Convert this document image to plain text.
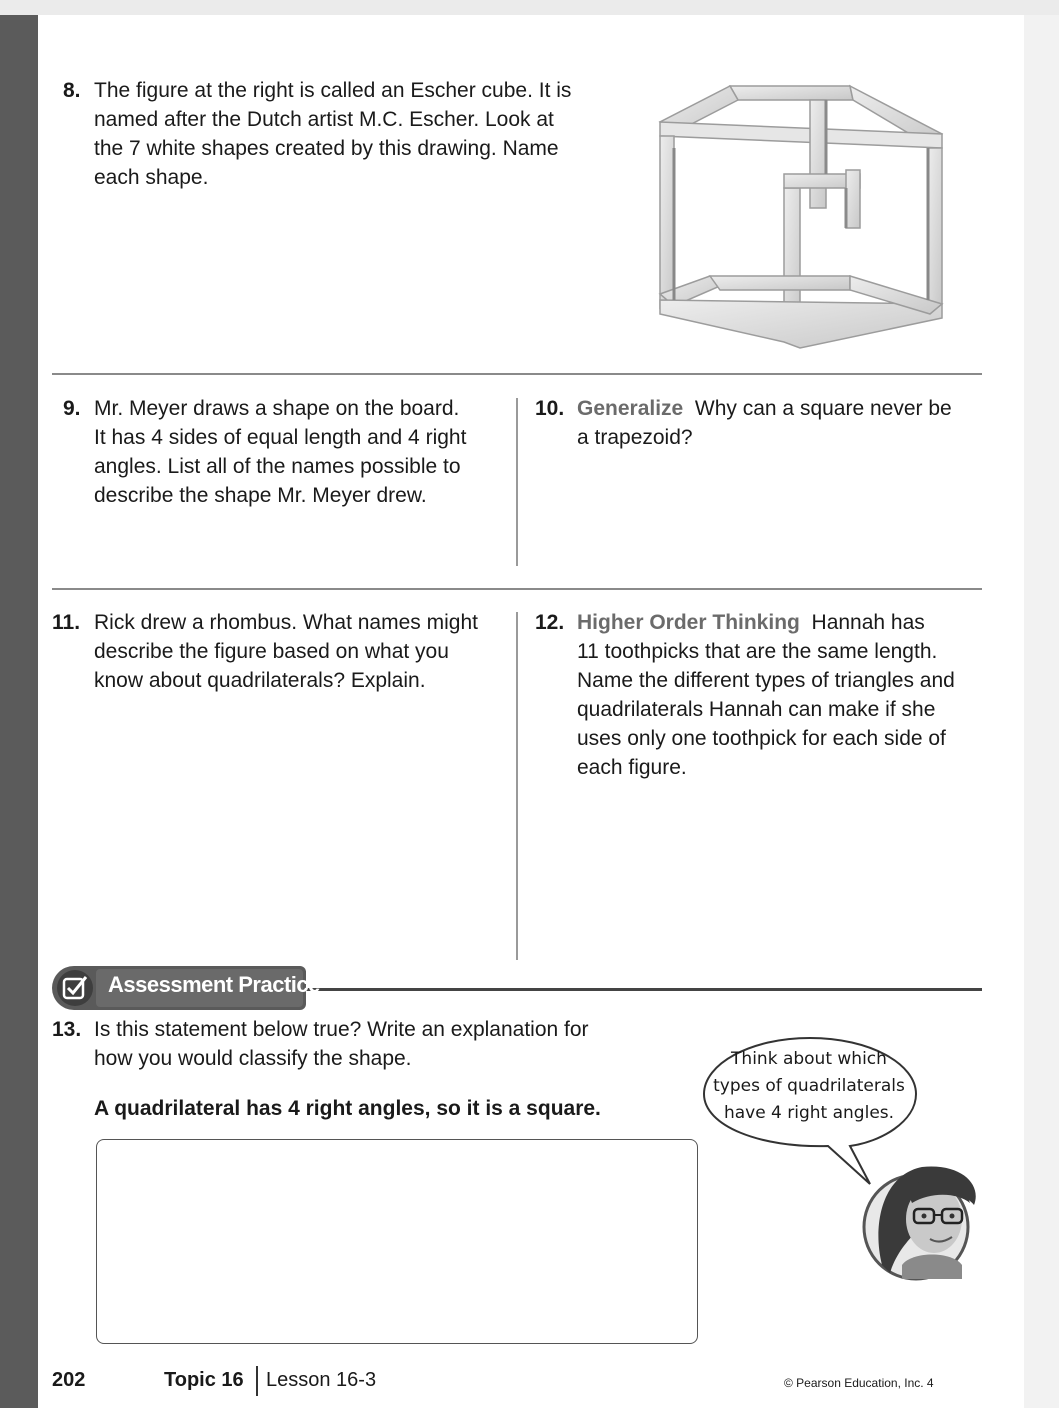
8. The figure at the right is called an Escher cube. It is
named after the Dutch artist M.C. Escher. Look at
the 7 white shapes created by this drawing. Name
each shape.
9. Mr. Meyer draws a shape on the board.
It has 4 sides of equal length and 4 right
angles. List all of the names possible to
describe the shape Mr. Meyer drew.
10. Generalize Why can a square never be
a trapezoid?
11. Rick drew a rhombus. What names might
describe the figure based on what you
know about quadrilaterals? Explain.
12. Higher Order Thinking Hannah has
11 toothpicks that are the same length.
Name the different types of triangles and
quadrilaterals Hannah can make if she
uses only one toothpick for each side of
each figure.
Assessment Practice
13. Is this statement below true? Write an explanation for
how you would classify the shape.
A quadrilateral has 4 right angles, so it is a square.
Think about which
types of quadrilaterals
have 4 right angles.
202	Topic 16 Lesson 16-3	© Pearson Education, Inc. 4
